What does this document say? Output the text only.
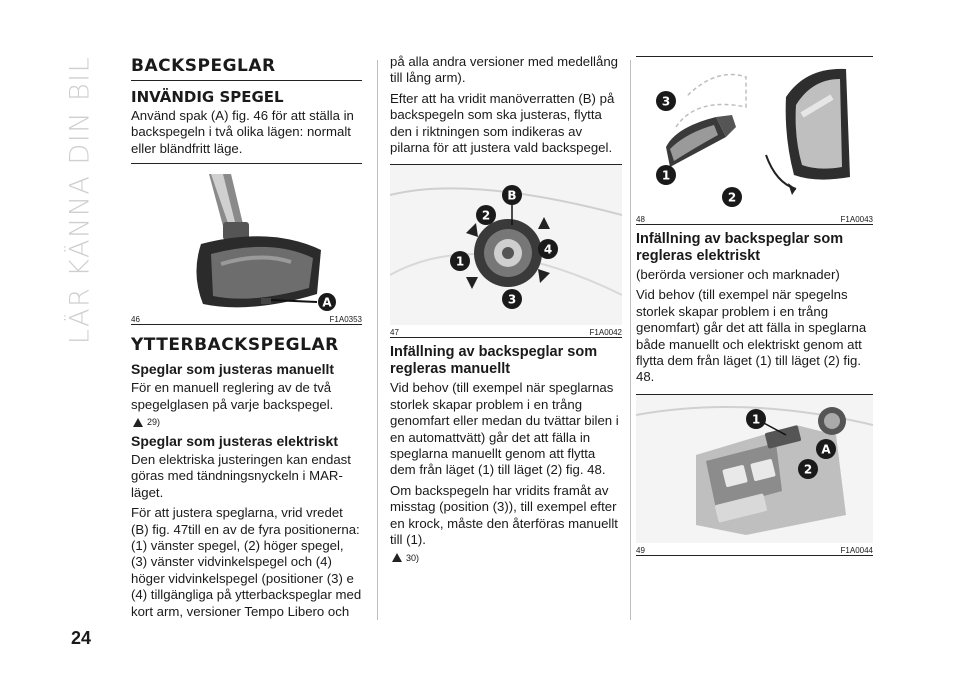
LÄR KÄNNA DIN BIL
24
BACKSPEGLAR
INVÄNDIG SPEGEL

Använd spak (A) fig. 46 för att ställa in backspegeln i två olika lägen: normalt eller bländfritt läge.

A
46	F1A0353
YTTERBACKSPEGLAR
Speglar som justeras manuellt

För en manuell reglering av de två spegelglasen på varje backspegel.

29)
Speglar som justeras elektriskt

Den elektriska justeringen kan endast göras med tändningsnyckeln i MAR-läget.

För att justera speglarna, vrid vredet (B) fig. 47till en av de fyra positionerna: (1) vänster spegel, (2) höger spegel, (3) vänster vidvinkelspegel och (4) höger vidvinkelspegel (positioner (3) e (4) tillgängliga på ytterbackspeglar med kort arm, versioner Tempo Libero och

på alla andra versioner med medellång till lång arm).

Efter att ha vridit manöverratten (B) på backspegeln som ska justeras, flytta den i riktningen som indikeras av pilarna för att justera vald backspegel.

B
2
4
1
3
47	F1A0042
Infällning av backspeglar som regleras manuellt

Vid behov (till exempel när speglarnas storlek skapar problem i en trång genomfart eller medan du tvättar bilen i en automattvätt) går det att fälla in speglarna manuellt genom att flytta dem från läget (1) till läget (2) fig. 48.

Om backspegeln har vridits framåt av misstag (position (3)), till exempel efter en krock, måste den återföras manuellt till (1).

30)
3
1
2
48	F1A0043
Infällning av backspeglar som regleras elektriskt

(berörda versioner och marknader)

Vid behov (till exempel när spegelns storlek skapar problem i en trång genomfart) går det att fälla in speglarna både manuellt och elektriskt genom att flytta dem från läget (1) till läget (2) fig. 48.

1
A
2
49	F1A0044
